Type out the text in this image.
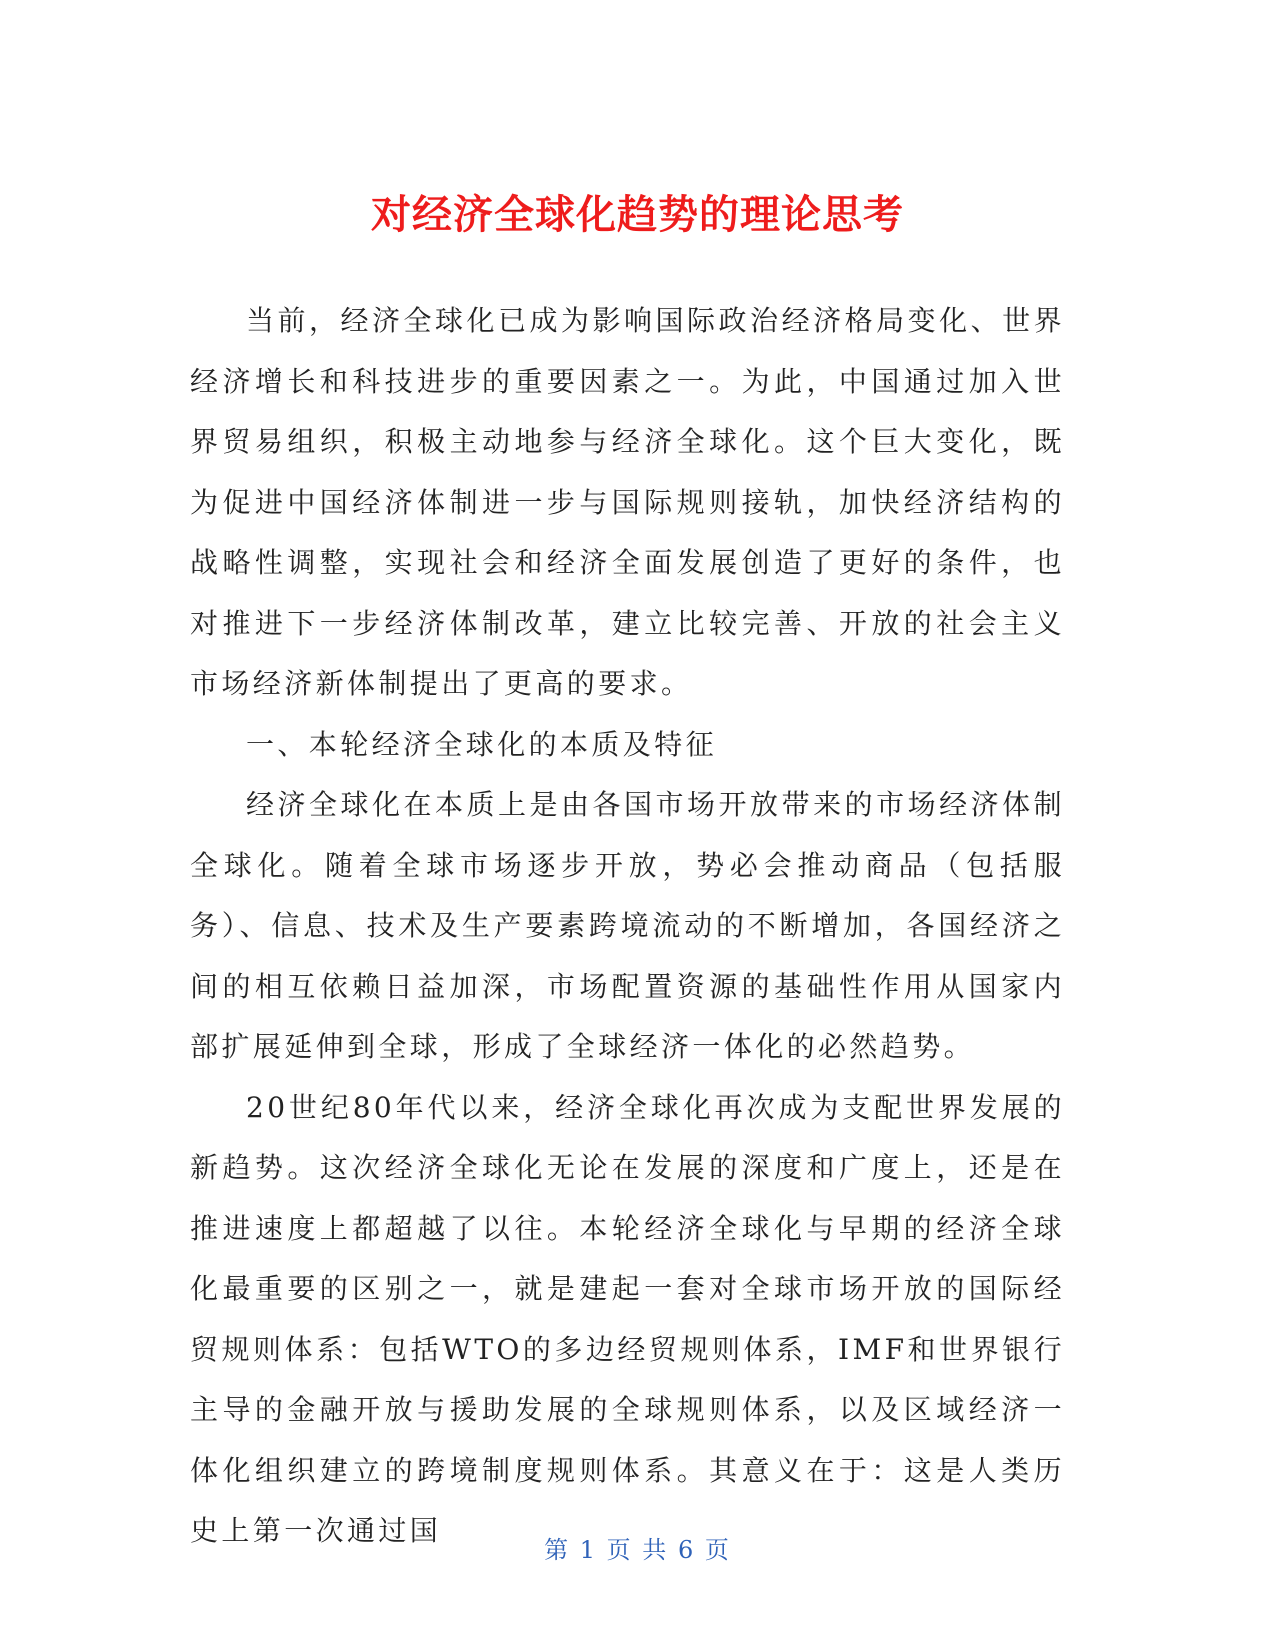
对经济全球化趋势的理论思考

当前，经济全球化已成为影响国际政治经济格局变化、世界经济增长和科技进步的重要因素之一。为此，中国通过加入世界贸易组织，积极主动地参与经济全球化。这个巨大变化，既为促进中国经济体制进一步与国际规则接轨，加快经济结构的战略性调整，实现社会和经济全面发展创造了更好的条件，也对推进下一步经济体制改革，建立比较完善、开放的社会主义市场经济新体制提出了更高的要求。

一、本轮经济全球化的本质及特征

经济全球化在本质上是由各国市场开放带来的市场经济体制全球化。随着全球市场逐步开放，势必会推动商品（包括服务）、信息、技术及生产要素跨境流动的不断增加，各国经济之间的相互依赖日益加深，市场配置资源的基础性作用从国家内部扩展延伸到全球，形成了全球经济一体化的必然趋势。

20世纪80年代以来，经济全球化再次成为支配世界发展的新趋势。这次经济全球化无论在发展的深度和广度上，还是在推进速度上都超越了以往。本轮经济全球化与早期的经济全球化最重要的区别之一，就是建起一套对全球市场开放的国际经贸规则体系：包括WTO的多边经贸规则体系，IMF和世界银行主导的金融开放与援助发展的全球规则体系，以及区域经济一体化组织建立的跨境制度规则体系。其意义在于：这是人类历史上第一次通过国

第 1 页 共 6 页
